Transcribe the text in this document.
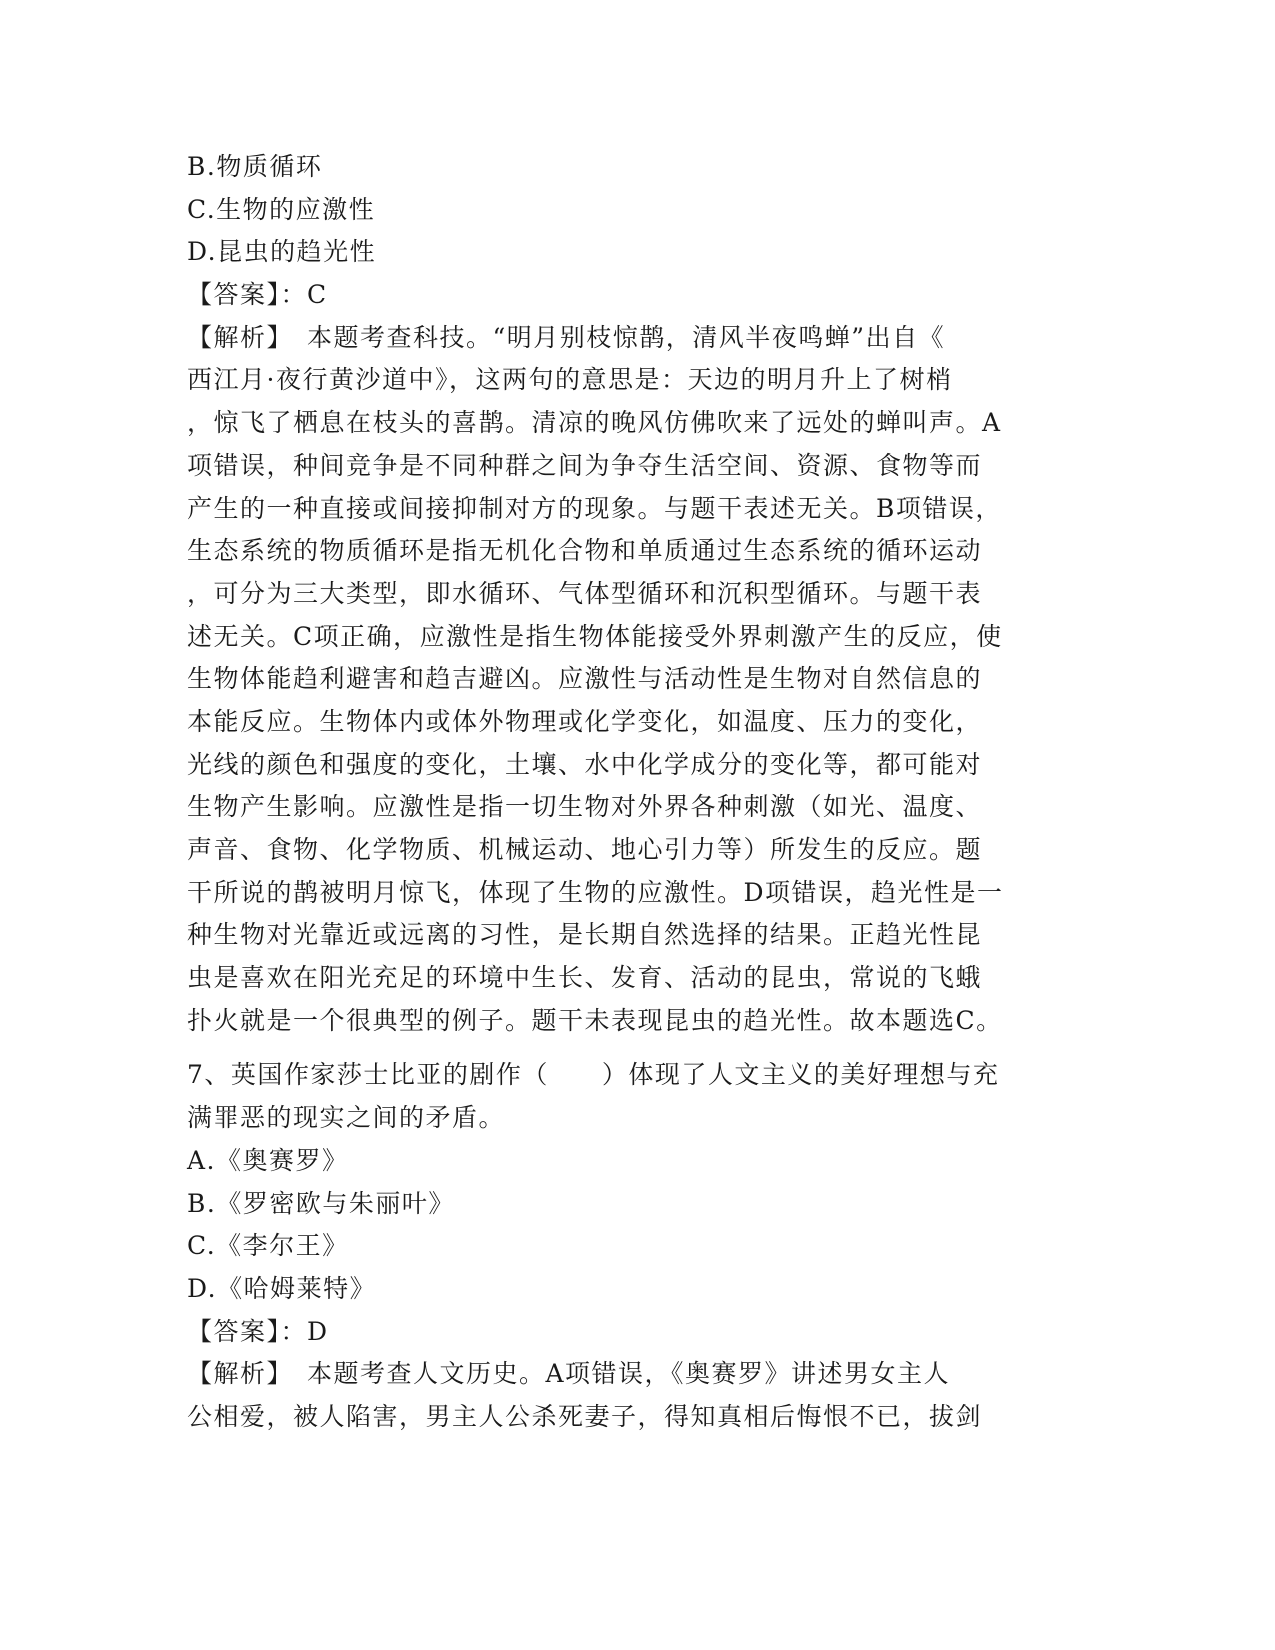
B.物质循环
C.生物的应激性
D.昆虫的趋光性
【答案】：C
【解析】　本题考查科技。“明月别枝惊鹊，清风半夜鸣蝉”出自《
西江月·夜行黄沙道中》，这两句的意思是：天边的明月升上了树梢
，惊飞了栖息在枝头的喜鹊。清凉的晚风仿佛吹来了远处的蝉叫声。A
项错误，种间竞争是不同种群之间为争夺生活空间、资源、食物等而
产生的一种直接或间接抑制对方的现象。与题干表述无关。B项错误，
生态系统的物质循环是指无机化合物和单质通过生态系统的循环运动
，可分为三大类型，即水循环、气体型循环和沉积型循环。与题干表
述无关。C项正确，应激性是指生物体能接受外界刺激产生的反应，使
生物体能趋利避害和趋吉避凶。应激性与活动性是生物对自然信息的
本能反应。生物体内或体外物理或化学变化，如温度、压力的变化，
光线的颜色和强度的变化，土壤、水中化学成分的变化等，都可能对
生物产生影响。应激性是指一切生物对外界各种刺激（如光、温度、
声音、食物、化学物质、机械运动、地心引力等）所发生的反应。题
干所说的鹊被明月惊飞，体现了生物的应激性。D项错误，趋光性是一
种生物对光靠近或远离的习性，是长期自然选择的结果。正趋光性昆
虫是喜欢在阳光充足的环境中生长、发育、活动的昆虫，常说的飞蛾
扑火就是一个很典型的例子。题干未表现昆虫的趋光性。故本题选C。
7、英国作家莎士比亚的剧作（　　）体现了人文主义的美好理想与充
满罪恶的现实之间的矛盾。
A.《奥赛罗》
B.《罗密欧与朱丽叶》
C.《李尔王》
D.《哈姆莱特》
【答案】：D
【解析】　本题考查人文历史。A项错误，《奥赛罗》讲述男女主人
公相爱，被人陷害，男主人公杀死妻子，得知真相后悔恨不已，拔剑
